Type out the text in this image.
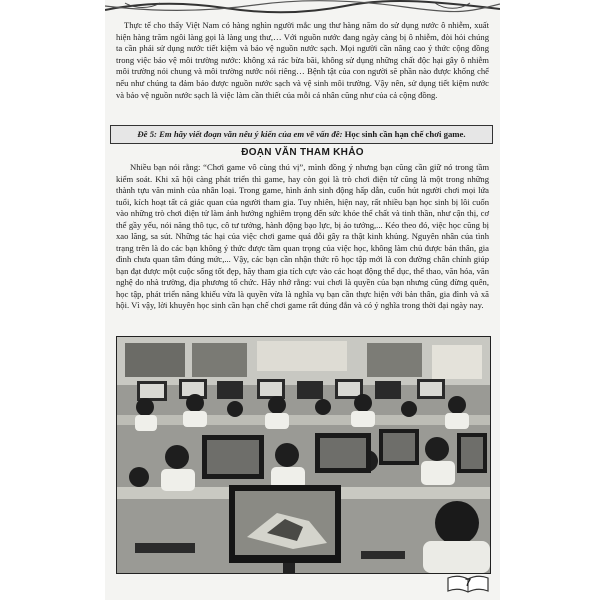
Thực tế cho thấy Việt Nam có hàng nghìn người mắc ung thư hàng năm do sử dụng nước ô nhiễm, xuất hiện hàng trăm ngôi làng gọi là làng ung thư,… Với nguồn nước đang ngày càng bị ô nhiễm, đòi hỏi chúng ta cần phải sử dụng nước tiết kiệm và bảo vệ nguồn nước sạch. Mọi người cần nâng cao ý thức cộng đồng trong việc bảo vệ môi trường nước: không xả rác bừa bãi, không sử dụng những chất độc hại gây ô nhiễm môi trường nói chung và môi trường nước nói riêng… Bệnh tật của con người sẽ phần nào được khống chế nếu như chúng ta đảm bảo được nguồn nước sạch và vệ sinh môi trường. Vậy nên, sử dụng tiết kiệm nước và bảo vệ nguồn nước sạch là việc làm cần thiết của mỗi cá nhân cũng như của cả cộng đồng.

Đề 5: Em hãy viết đoạn văn nêu ý kiến của em về vấn đề: Học sinh cần hạn chế chơi game.
ĐOẠN VĂN THAM KHẢO

Nhiều bạn nói rằng: “Chơi game vô cùng thú vị”, mình đồng ý nhưng bạn cũng cần giữ nó trong tầm kiểm soát. Khi xã hội càng phát triển thì game, hay còn gọi là trò chơi điện tử cũng là một trong những thành tựu văn minh của nhân loại. Trong game, hình ảnh sinh động hấp dẫn, cuốn hút người chơi mọi lứa tuổi, kích hoạt tất cả giác quan của người tham gia. Tuy nhiên, hiện nay, rất nhiều bạn học sinh bị lôi cuốn vào những trò chơi điện tử làm ảnh hưởng nghiêm trọng đến sức khỏe thể chất và tinh thần, như cận thị, cơ thể gầy yếu, nói năng thô tục, cô tư tưởng, hành động bạo lực, bị áo tưởng,... Kéo theo đó, việc học cũng bị xao lãng, sa sút. Những tác hại của việc chơi game quá đỗi gây ra thật kinh khủng. Nguyên nhân của tình trạng trên là do các bạn không ý thức được tầm quan trọng của việc học, không làm chủ được bản thân, gia đình chưa quan tâm đúng mức,... Vậy, các bạn cần nhận thức rõ học tập mới là con đường chân chính giúp bạn đạt được một cuộc sống tốt đẹp, hãy tham gia tích cực vào các hoạt động thể dục, thể thao, văn hóa, văn nghệ do nhà trường, địa phương tổ chức. Hãy nhớ rằng: vui chơi là quyền của bạn nhưng cũng đừng quên, học tập, phát triển năng khiếu vừa là quyền vừa là nghĩa vụ bạn cần thực hiện với bản thân, gia đình và xã hội. Vì vậy, lời khuyên học sinh cần hạn chế chơi game rất đúng đắn và có ý nghĩa trong thời đại ngày nay.

7
